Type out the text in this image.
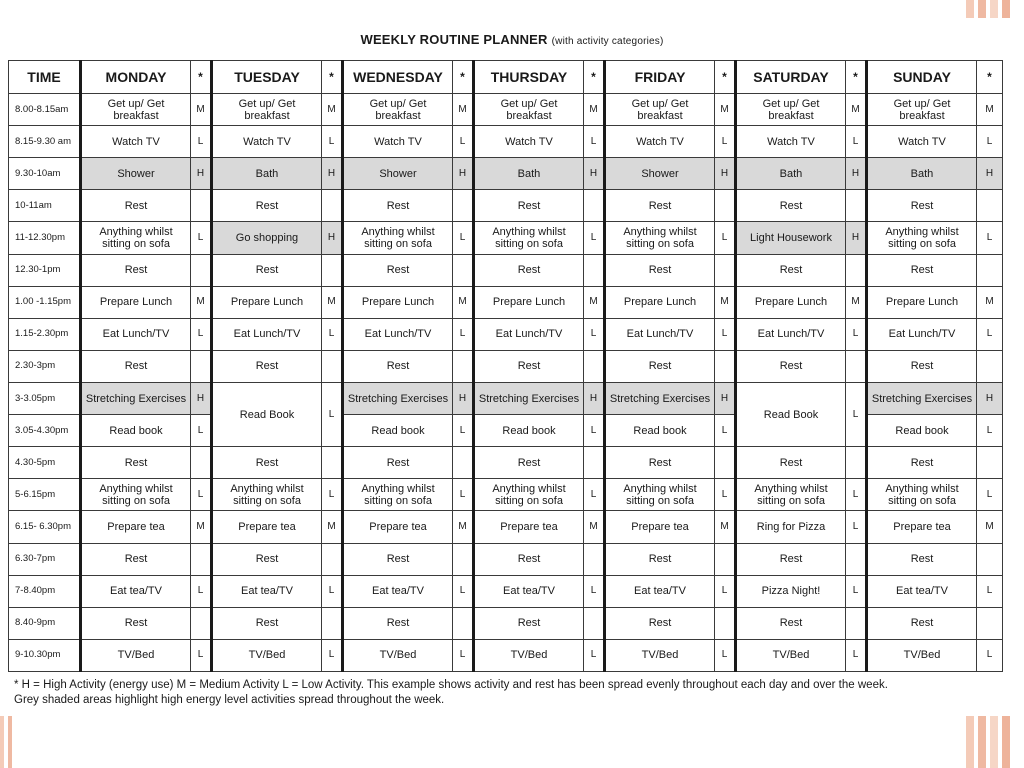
WEEKLY ROUTINE PLANNER (with activity categories)
TIME	MONDAY	*	TUESDAY	*	WEDNESDAY	*	THURSDAY	*	FRIDAY	*	SATURDAY	*	SUNDAY	*
8.00-8.15am	Get up/ Get breakfast	M	Get up/ Get breakfast	M	Get up/ Get breakfast	M	Get up/ Get breakfast	M	Get up/ Get breakfast	M	Get up/ Get breakfast	M	Get up/ Get breakfast	M
8.15-9.30 am	Watch TV	L	Watch TV	L	Watch TV	L	Watch TV	L	Watch TV	L	Watch TV	L	Watch TV	L
9.30-10am	Shower	H	Bath	H	Shower	H	Bath	H	Shower	H	Bath	H	Bath	H
10-11am	Rest		Rest		Rest		Rest		Rest		Rest		Rest	
11-12.30pm	Anything whilst sitting on sofa	L	Go shopping	H	Anything whilst sitting on sofa	L	Anything whilst sitting on sofa	L	Anything whilst sitting on sofa	L	Light Housework	H	Anything whilst sitting on sofa	L
12.30-1pm	Rest		Rest		Rest		Rest		Rest		Rest		Rest	
1.00 -1.15pm	Prepare Lunch	M	Prepare Lunch	M	Prepare Lunch	M	Prepare Lunch	M	Prepare Lunch	M	Prepare Lunch	M	Prepare Lunch	M
1.15-2.30pm	Eat Lunch/TV	L	Eat Lunch/TV	L	Eat Lunch/TV	L	Eat Lunch/TV	L	Eat Lunch/TV	L	Eat Lunch/TV	L	Eat Lunch/TV	L
2.30-3pm	Rest		Rest		Rest		Rest		Rest		Rest		Rest	
3-3.05pm	Stretching Exercises	H	Read Book	L	Stretching Exercises	H	Stretching Exercises	H	Stretching Exercises	H	Read Book	L	Stretching Exercises	H
3.05-4.30pm	Read book	L			Read book	L	Read book	L	Read book	L			Read book	L
4.30-5pm	Rest		Rest		Rest		Rest		Rest		Rest		Rest	
5-6.15pm	Anything whilst sitting on sofa	L	Anything whilst sitting on sofa	L	Anything whilst sitting on sofa	L	Anything whilst sitting on sofa	L	Anything whilst sitting on sofa	L	Anything whilst sitting on sofa	L	Anything whilst sitting on sofa	L
6.15- 6.30pm	Prepare tea	M	Prepare tea	M	Prepare tea	M	Prepare tea	M	Prepare tea	M	Ring for Pizza	L	Prepare tea	M
6.30-7pm	Rest		Rest		Rest		Rest		Rest		Rest		Rest	
7-8.40pm	Eat tea/TV	L	Eat tea/TV	L	Eat tea/TV	L	Eat tea/TV	L	Eat tea/TV	L	Pizza Night!	L	Eat tea/TV	L
8.40-9pm	Rest		Rest		Rest		Rest		Rest		Rest		Rest	
9-10.30pm	TV/Bed	L	TV/Bed	L	TV/Bed	L	TV/Bed	L	TV/Bed	L	TV/Bed	L	TV/Bed	L
* H = High Activity (energy use) M = Medium Activity L = Low Activity. This example shows activity and rest has been spread evenly throughout each day and over the week.
Grey shaded areas highlight high energy level activities spread throughout the week.
